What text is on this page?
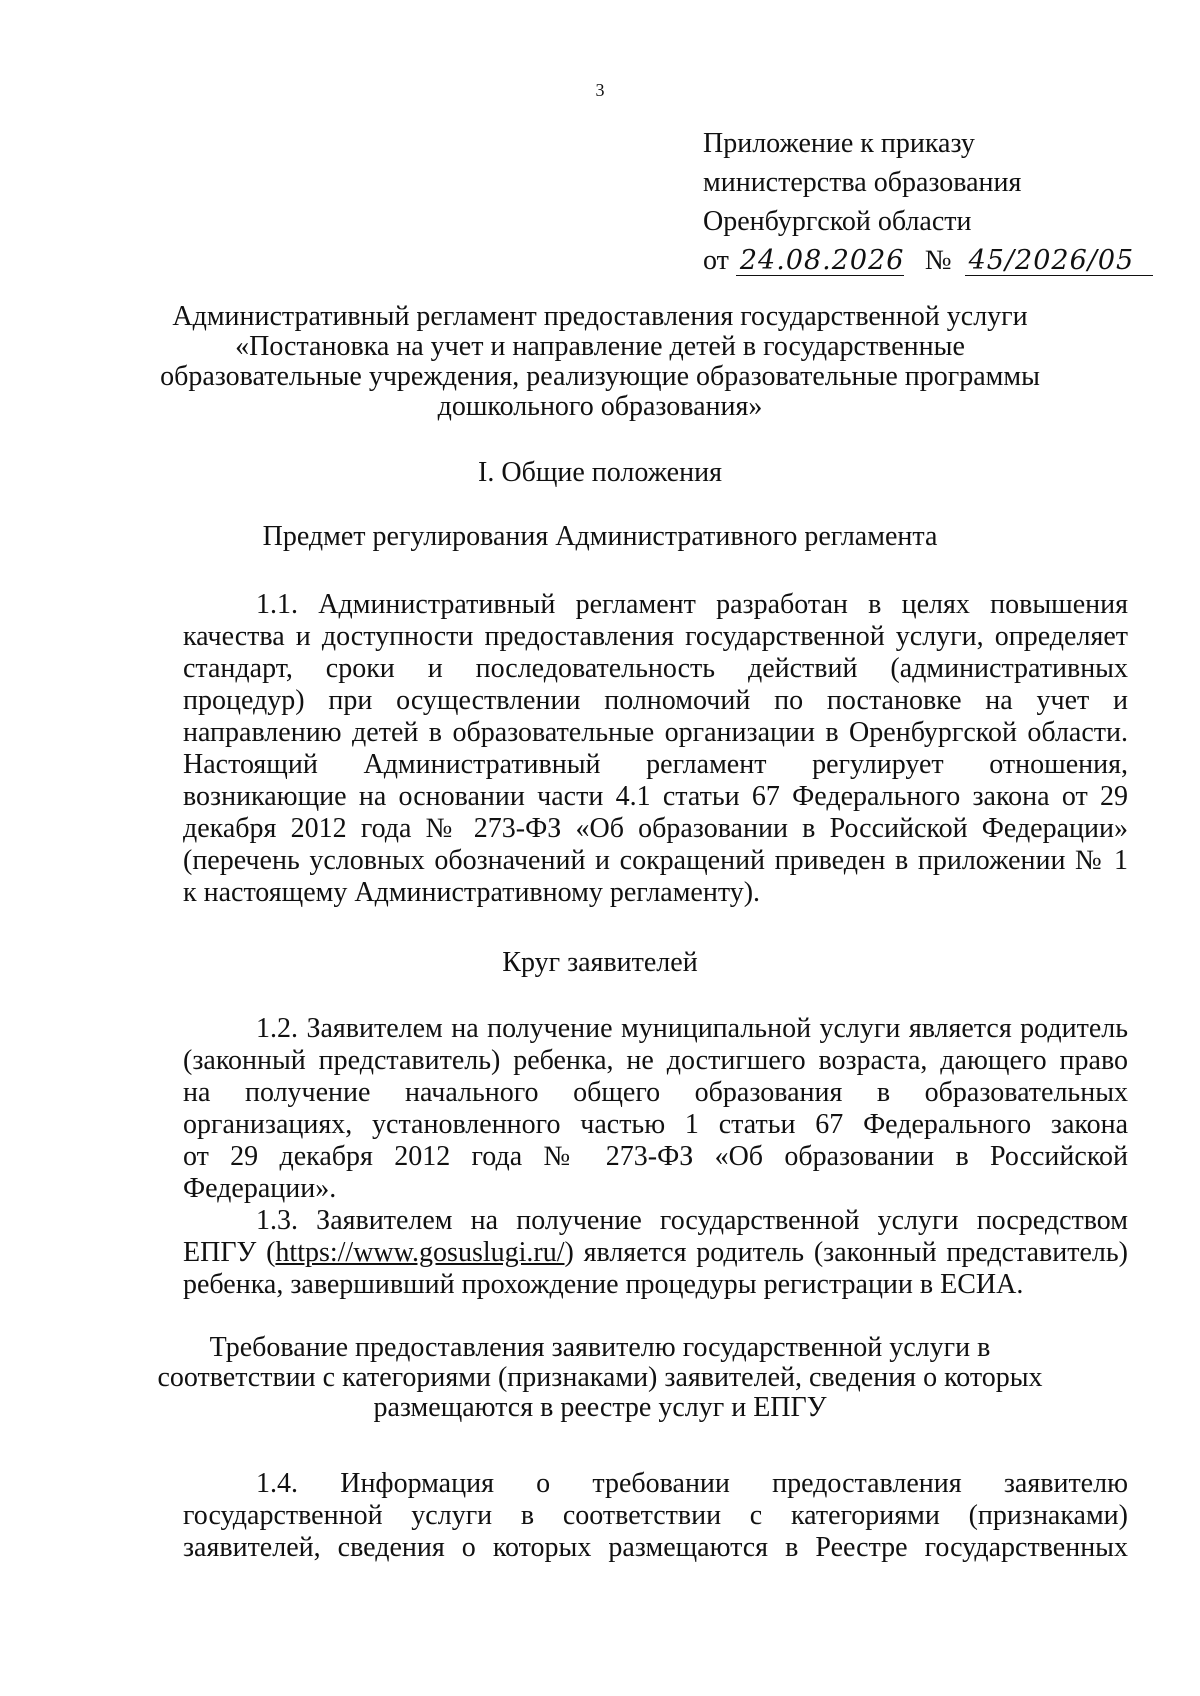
3
Приложение к приказу
министерства образования
Оренбургской области
от 24.08.2026 № 45/2026/05
Административный регламент предоставления государственной услуги
«Постановка на учет и направление детей в государственные
образовательные учреждения, реализующие образовательные программы
дошкольного образования»
I. Общие положения
Предмет регулирования Административного регламента
1.1. Административный регламент разработан в целях повышения
качества и доступности предоставления государственной услуги, определяет
стандарт, сроки и последовательность действий (административных
процедур) при осуществлении полномочий по постановке на учет и
направлению детей в образовательные организации в Оренбургской области.
Настоящий Административный регламент регулирует отношения,
возникающие на основании части 4.1 статьи 67 Федерального закона от 29
декабря 2012 года № 273-ФЗ «Об образовании в Российской Федерации»
(перечень условных обозначений и сокращений приведен в приложении № 1
к настоящему Административному регламенту).
Круг заявителей
1.2. Заявителем на получение муниципальной услуги является родитель
(законный представитель) ребенка, не достигшего возраста, дающего право
на получение начального общего образования в образовательных
организациях, установленного частью 1 статьи 67 Федерального закона
от 29 декабря 2012 года № 273-ФЗ «Об образовании в Российской
Федерации».
1.3. Заявителем на получение государственной услуги посредством
ЕПГУ (https://www.gosuslugi.ru/) является родитель (законный представитель)
ребенка, завершивший прохождение процедуры регистрации в ЕСИА.
Требование предоставления заявителю государственной услуги в
соответствии с категориями (признаками) заявителей, сведения о которых
размещаются в реестре услуг и ЕПГУ
1.4. Информация о требовании предоставления заявителю
государственной услуги в соответствии с категориями (признаками)
заявителей, сведения о которых размещаются в Реестре государственных
